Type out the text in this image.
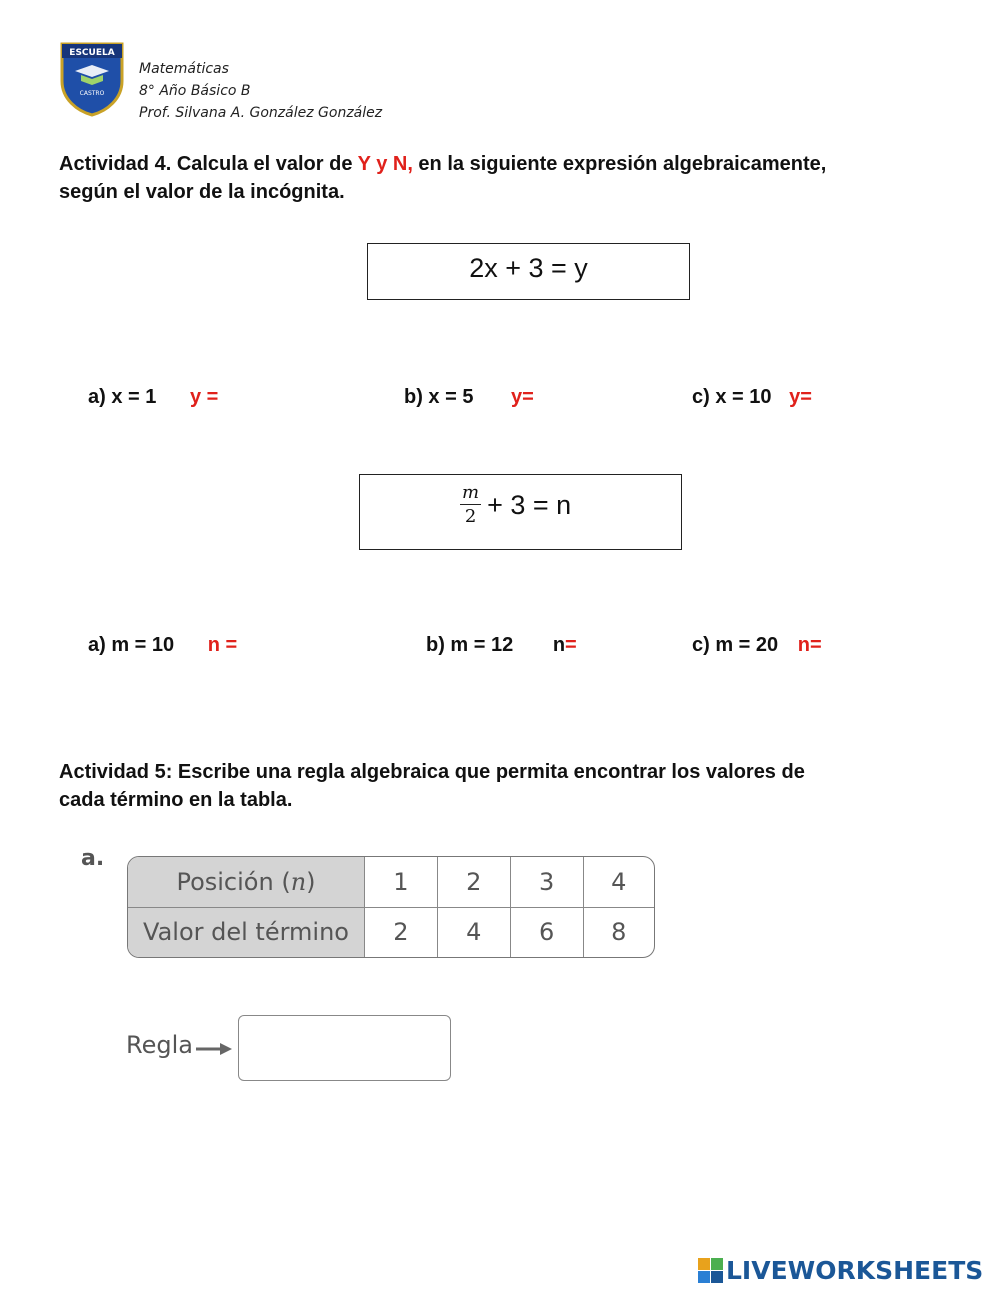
ESCUELA
CASTRO
Matemáticas
8° Año Básico B
Prof. Silvana A. González González
Actividad 4. Calcula el valor de Y y N, en la siguiente expresión algebraicamente,
según el valor de la incógnita.
2x + 3 = y
a) x = 1 y =	b) x = 5 y=	c) x = 10 y=
$\frac{m}{2} + 3 = n$
a) m = 10 n =	b) m = 12 n=	c) m = 20 n=
Actividad 5: Escribe una regla algebraica que permita encontrar los valores de
cada término en la tabla.
a.
Posición (n)	1	2	3	4
Valor del término	2	4	6	8
Regla
LIVEWORKSHEETS
